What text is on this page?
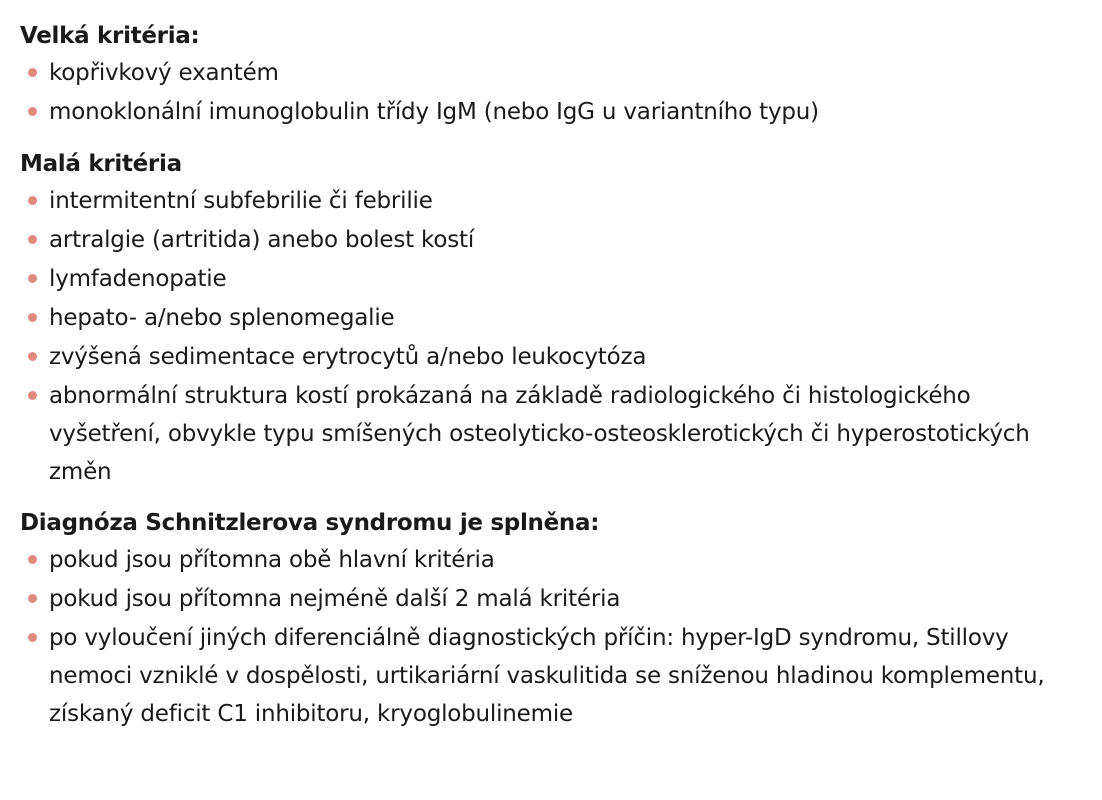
Velká kritéria:

kopřivkový exantém
monoklonální imunoglobulin třídy IgM (nebo IgG u variantního typu)

Malá kritéria

intermitentní subfebrilie či febrilie
artralgie (artritida) anebo bolest kostí
lymfadenopatie
hepato- a/nebo splenomegalie
zvýšená sedimentace erytrocytů a/nebo leukocytóza
abnormální struktura kostí prokázaná na základě radiologického či histologického vyšetření, obvykle typu smíšených osteolyticko-osteosklerotických či hyperostotických změn

Diagnóza Schnitzlerova syndromu je splněna:

pokud jsou přítomna obě hlavní kritéria
pokud jsou přítomna nejméně další 2 malá kritéria
po vyloučení jiných diferenciálně diagnostických příčin: hyper-IgD syndromu, Stillovy nemoci vzniklé v dospělosti, urtikariární vaskulitida se sníženou hladinou komplementu, získaný deficit C1 inhibitoru, kryoglobulinemie
